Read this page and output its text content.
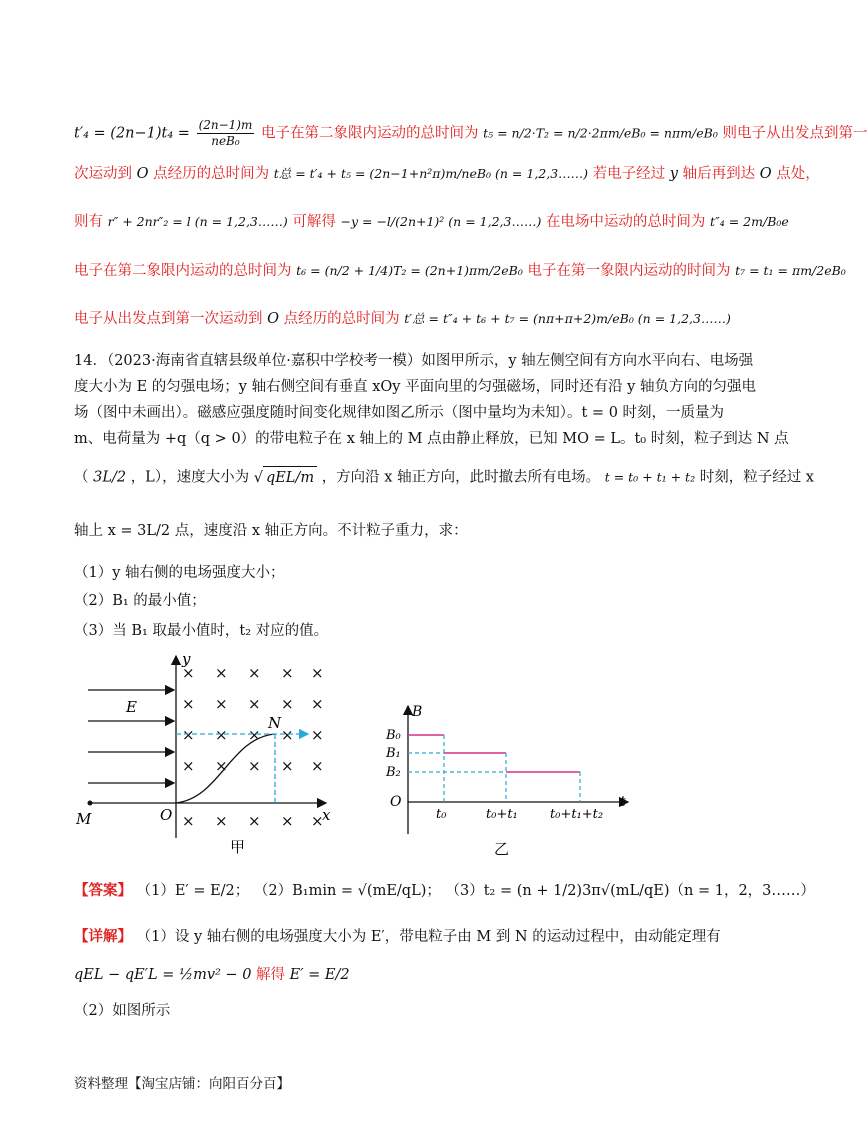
$t'_4 = (2n-1)t_4 = \frac{(2n-1)m}{\text{neB₀}}$ 电子在第二象限内运动的总时间为 t₅ = n/2·T₂ = n/2·2πm/eB₀ = nπm/eB₀ 则电子从出发点到第一
次运动到 O 点经历的总时间为 t总 = t′₄ + t₅ = (2n−1+n²π)m/neB₀ (n = 1,2,3……) 若电子经过 y 轴后再到达 O 点处，
则有 r″ + 2nr″₂ = l (n = 1,2,3……) 可解得 −y = −l/(2n+1)² (n = 1,2,3……) 在电场中运动的总时间为 t″₄ = 2m/B₀e
电子在第二象限内运动的总时间为 t₆ = (n/2 + 1/4)T₂ = (2n+1)πm/2eB₀ 电子在第一象限内运动的时间为 t₇ = t₁ = πm/2eB₀
电子从出发点到第一次运动到 O 点经历的总时间为 t′总 = t″₄ + t₆ + t₇ = (nπ+π+2)m/eB₀ (n = 1,2,3……)
14．（2023·海南省直辖县级单位·嘉积中学校考一模）如图甲所示，y 轴左侧空间有方向水平向右、电场强
度大小为 E 的匀强电场；y 轴右侧空间有垂直 xOy 平面向里的匀强磁场，同时还有沿 y 轴负方向的匀强电
场（图中未画出）。磁感应强度随时间变化规律如图乙所示（图中量均为未知）。t = 0 时刻，一质量为
m、电荷量为 +q（q > 0）的带电粒子在 x 轴上的 M 点由静止释放，已知 MO = L。t₀ 时刻，粒子到达 N 点
（ 3L/2 ，L），速度大小为 √ qEL/m ，方向沿 x 轴正方向，此时撤去所有电场。 t = t₀ + t₁ + t₂ 时刻，粒子经过 x
轴上 x = 3L/2 点，速度沿 x 轴正方向。不计粒子重力，求：
（1）y 轴右侧的电场强度大小；
（2）B₁ 的最小值；
（3）当 B₁ 取最小值时，t₂ 对应的值。
× × × × ×
× × × × ×
× × × × ×
× × × × ×
× × × × ×
E
N
M	O	x
y
甲
B
B₀
B₁
B₂
O	t
t₀	t₀+t₁ t₀+t₁+t₂
乙
【答案】 （1）E′ = E/2； （2）B₁min = √(mE/qL)； （3）t₂ = (n + 1/2)3π√(mL/qE)（n = 1，2，3……）
【详解】 （1）设 y 轴右侧的电场强度大小为 E′，带电粒子由 M 到 N 的运动过程中，由动能定理有
qEL − qE′L = ½mv² − 0 解得 E′ = E/2
（2）如图所示
资料整理【淘宝店铺：向阳百分百】
